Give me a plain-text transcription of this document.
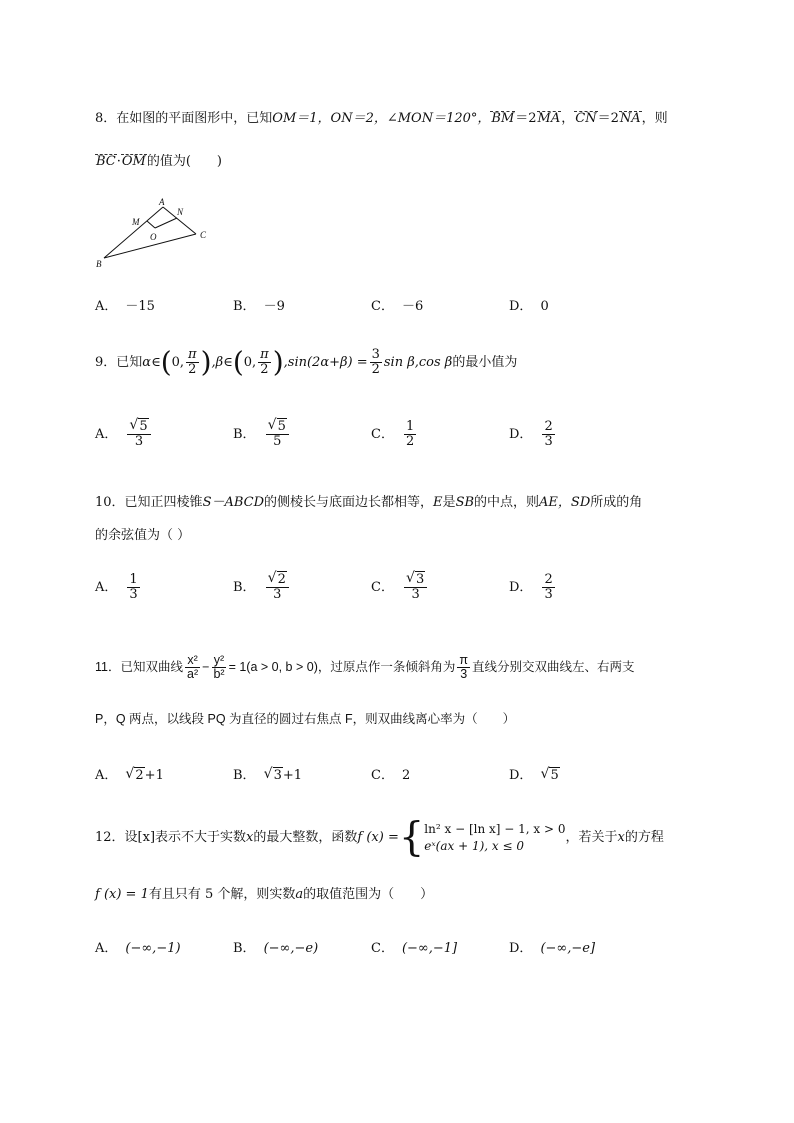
8．在如图的平面图形中，已知OM＝1，ON＝2，∠MON＝120°，BM＝2MA，CN＝2NA，则
BC·OM的值为(　　)
A
M
N
O	C
B
A． －15	B． －9	C． －6	D． 0
9．已知α∈(0, $\frac{\pi}{2}$ ),β∈(0, $\frac{\pi}{2} ),\sin(2\alpha+\beta) = \frac{3}{2}$ sin β,cos β的最小值为
A． √ $\frac{5}{3}$	B． √ $\frac{5}{5}$	C． $\frac{1}{2}$	D． $\frac{2}{3}$
10．已知正四棱锥S－ABCD的侧棱长与底面边长都相等，E是SB的中点，则AE，SD所成的角
的余弦值为（ ）
A． $\frac{1}{3}$	B． √ $\frac{2}{3}$	C． √ $\frac{3}{3}$	D． $\frac{2}{3}$
11．已知双曲线 $\frac{\text{x²}}{\text{a²}} - \frac{\text{y²}}{\text{b²}} = 1(a > 0$, b > 0)，过原点作一条倾斜角为 $\frac{\pi}{3}$ 直线分别交双曲线左、右两支
P，Q 两点，以线段 PQ 为直径的圆过右焦点 F，则双曲线离心率为（　　）
A． √ 2+1	B． √ 3+1	C． 2	D． √ 5
12．设[x]表示不大于实数x的最大整数，函数f (x) ={ ln² x − [ln x] − 1, x > 0
eˣ(ax + 1), x ≤ 0
，若关于x的方程
f (x) = 1有且只有 5 个解，则实数a的取值范围为（　　）
A． (−∞,−1)	B． (−∞,−e)	C． (−∞,−1]	D． (−∞,−e]
